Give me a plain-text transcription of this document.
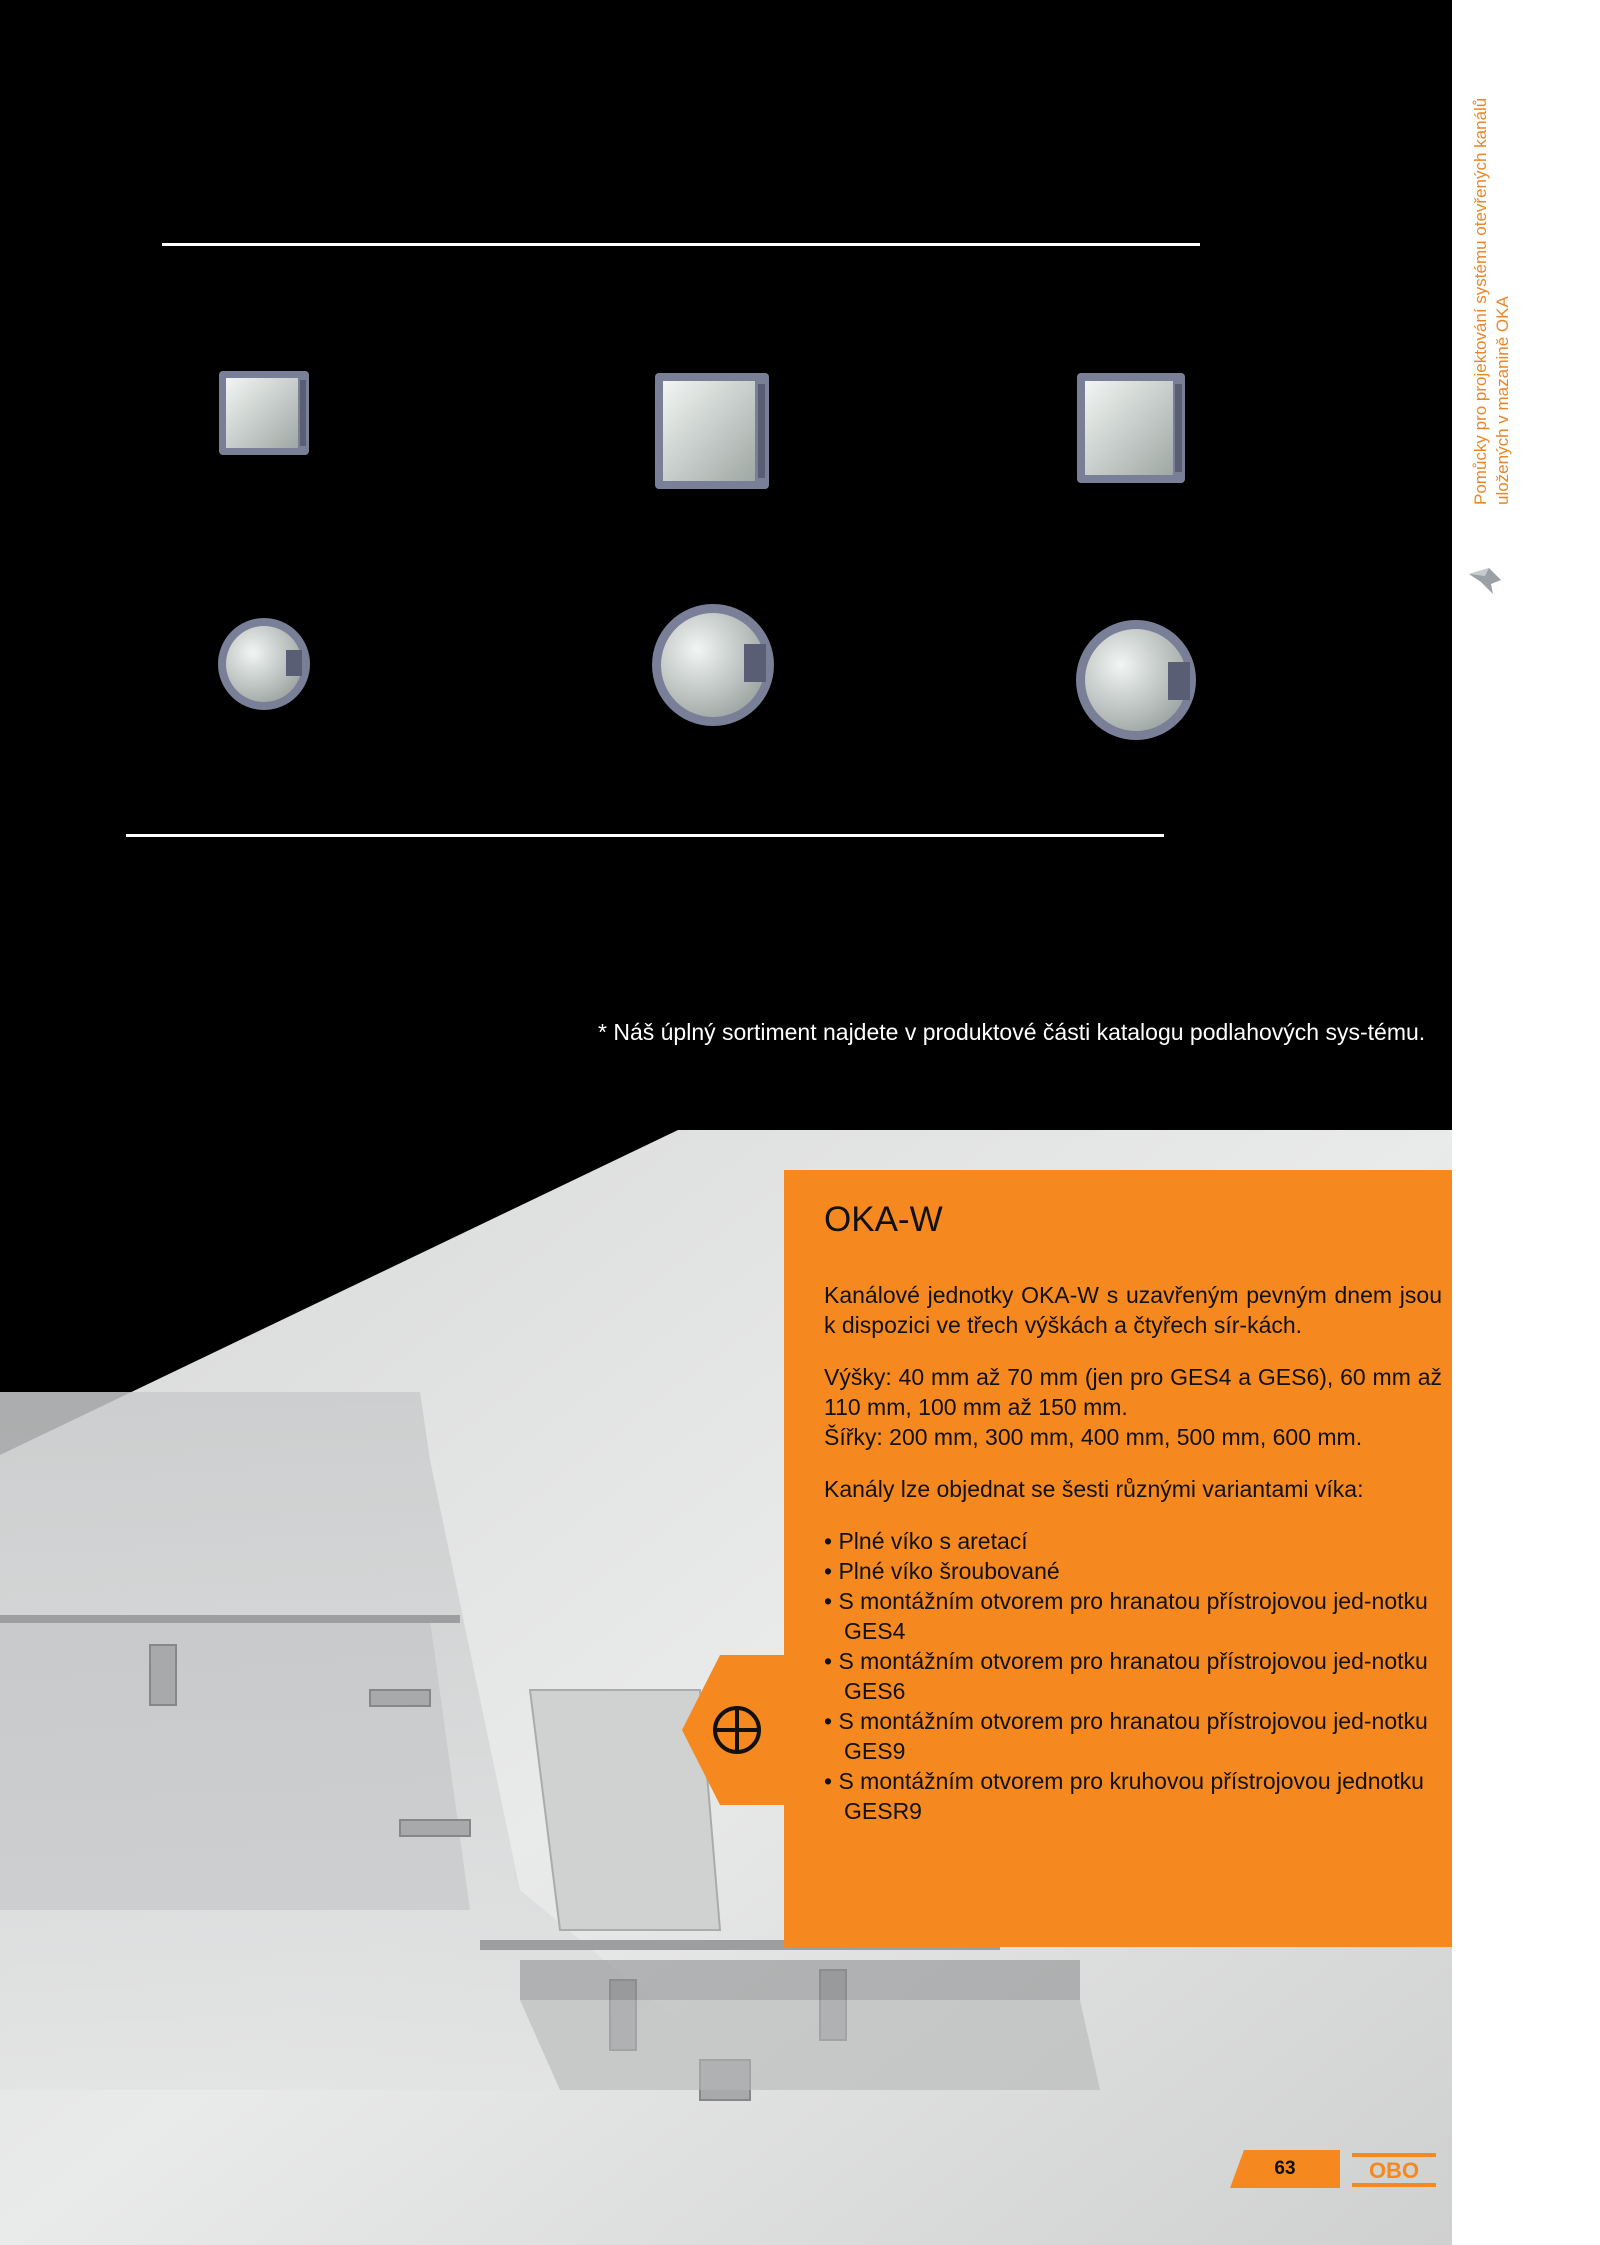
Pomůcky pro projektování systému otevřených kanálů uložených v mazanině OKA
* Náš úplný sortiment najdete v produktové části katalogu podlahových sys-tému.
OKA-W

Kanálové jednotky OKA-W s uzavřeným pevným dnem jsou k dispozici ve třech výškách a čtyřech sír-kách.

Výšky: 40 mm až 70 mm (jen pro GES4 a GES6), 60 mm až 110 mm, 100 mm až 150 mm.

Šířky: 200 mm, 300 mm, 400 mm, 500 mm, 600 mm.

Kanály lze objednat se šesti různými variantami víka:

• Plné víko s aretací
• Plné víko šroubované
• S montážním otvorem pro hranatou přístrojovou jed-notku GES4
• S montážním otvorem pro hranatou přístrojovou jed-notku GES6
• S montážním otvorem pro hranatou přístrojovou jed-notku GES9
• S montážním otvorem pro kruhovou přístrojovou jednotku GESR9
63	OBO
